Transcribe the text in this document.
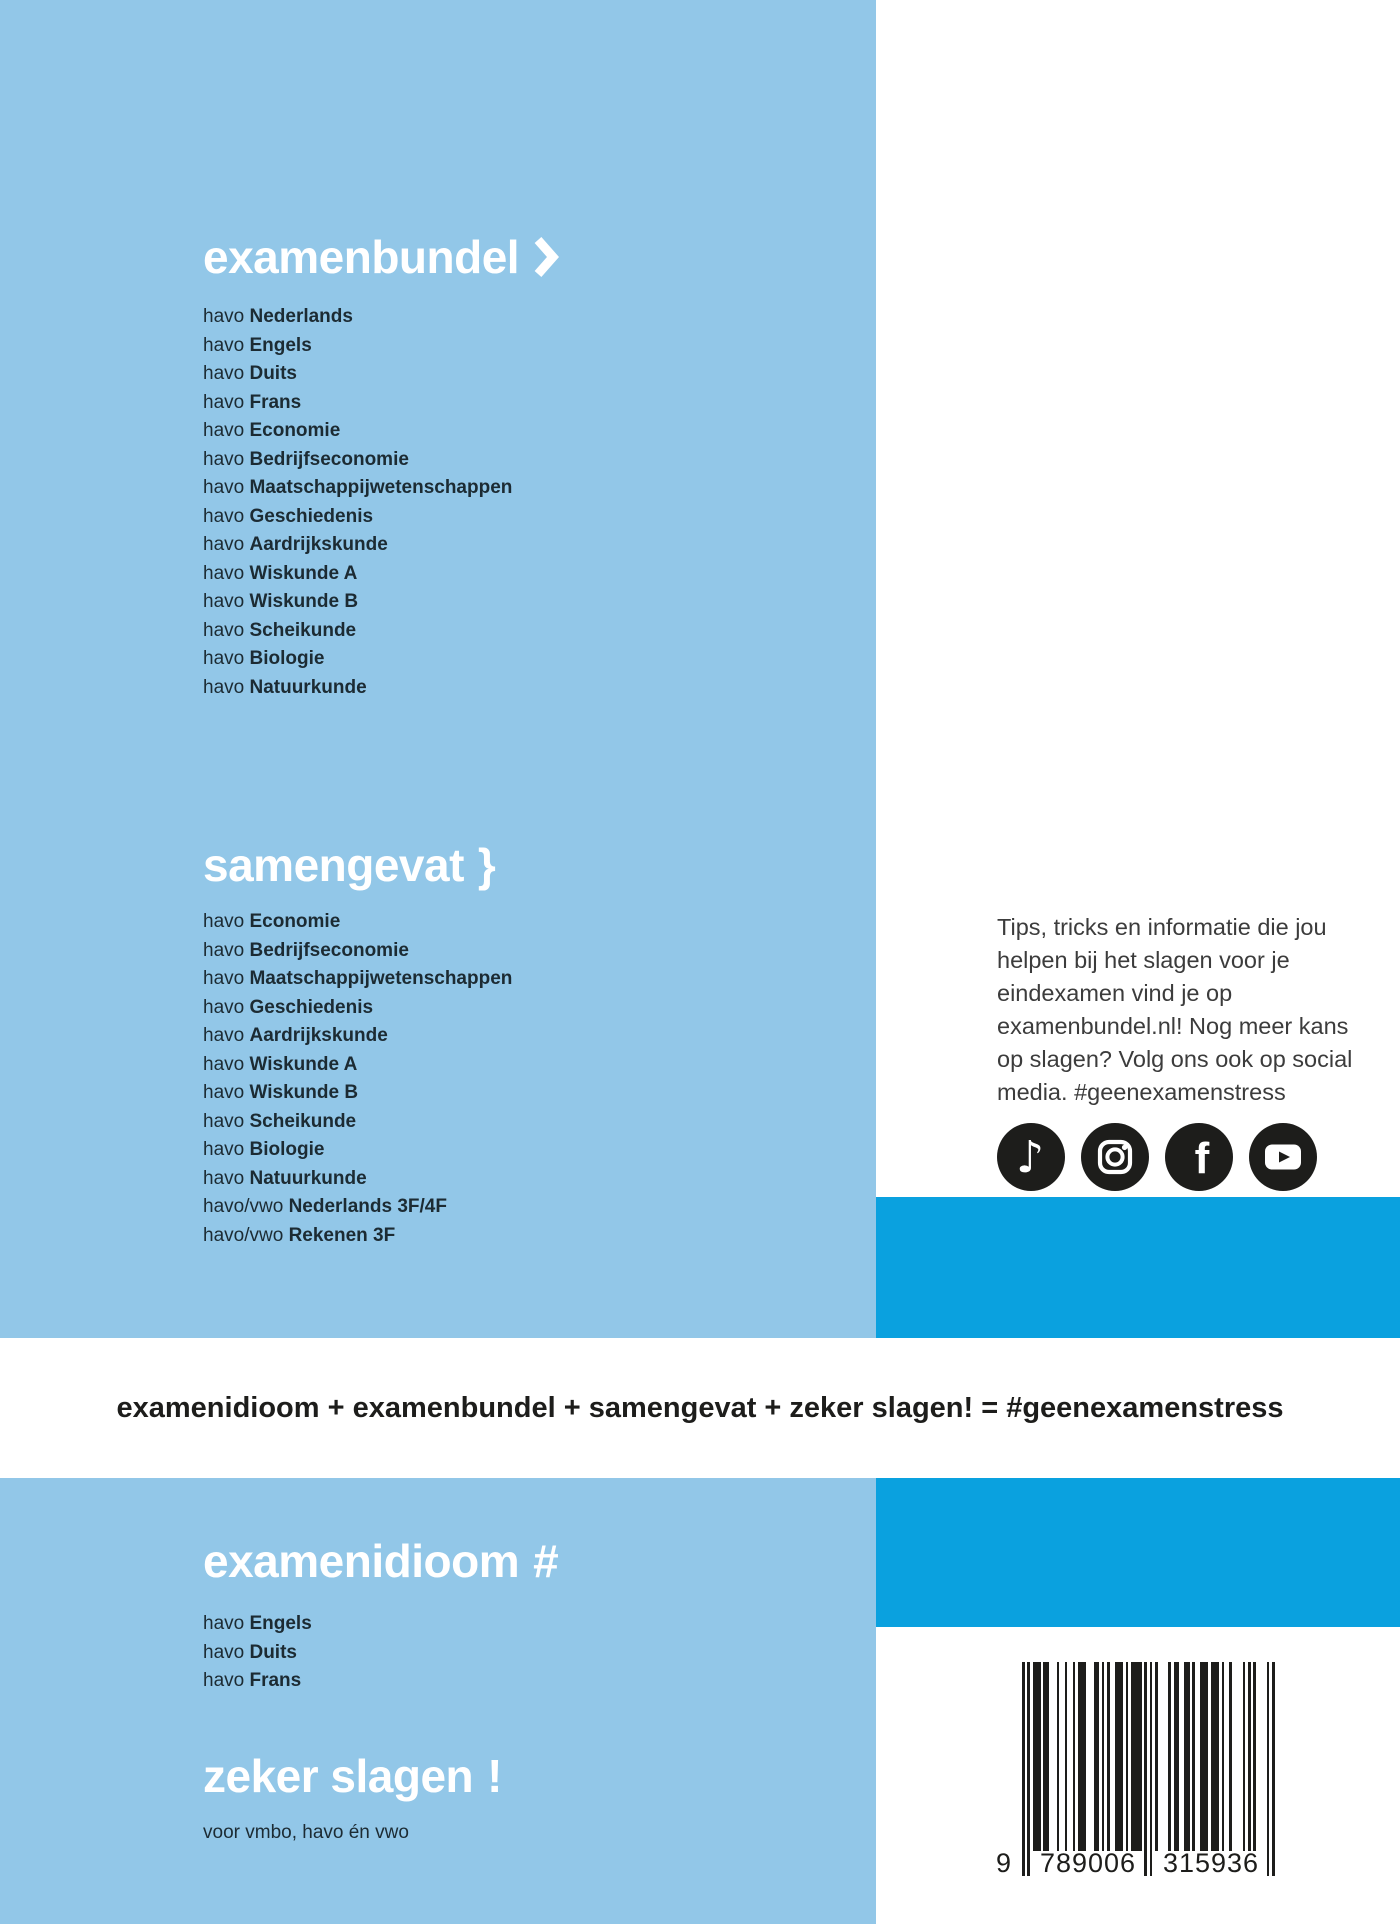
examenbundel
havo Nederlands
havo Engels
havo Duits
havo Frans
havo Economie
havo Bedrijfseconomie
havo Maatschappijwetenschappen
havo Geschiedenis
havo Aardrijkskunde
havo Wiskunde A
havo Wiskunde B
havo Scheikunde
havo Biologie
havo Natuurkunde
samengevat }
havo Economie
havo Bedrijfseconomie
havo Maatschappijwetenschappen
havo Geschiedenis
havo Aardrijkskunde
havo Wiskunde A
havo Wiskunde B
havo Scheikunde
havo Biologie
havo Natuurkunde
havo/vwo Nederlands 3F/4F
havo/vwo Rekenen 3F
Tips, tricks en informatie die jou
helpen bij het slagen voor je
eindexamen vind je op
examenbundel.nl! Nog meer kans
op slagen? Volg ons ook op social
media. #geenexamenstress
♪	f
examenidioom + examenbundel + samengevat + zeker slagen! = #geenexamenstress
examenidioom #
havo Engels
havo Duits
havo Frans
zeker slagen !
voor vmbo, havo én vwo
9 789006 315936
